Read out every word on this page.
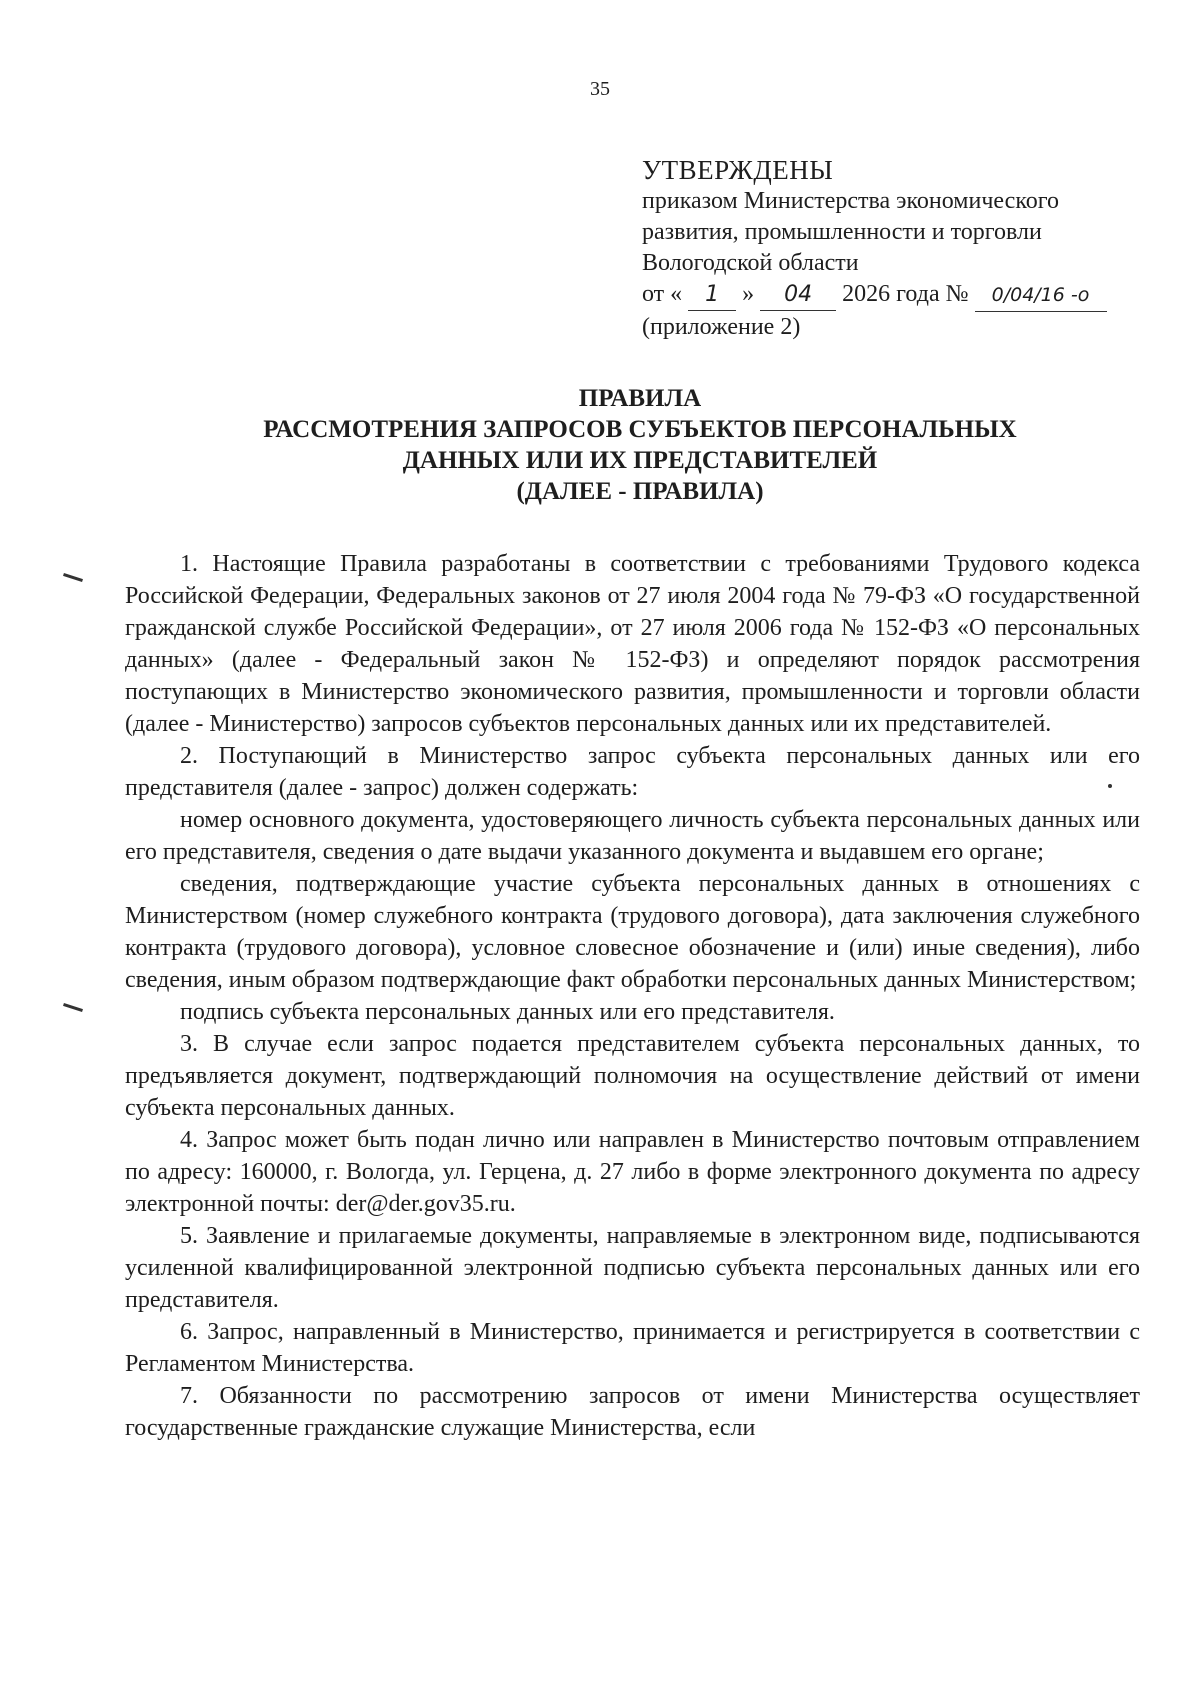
35
УТВЕРЖДЕНЫ
приказом Министерства экономического
развития, промышленности и торговли
Вологодской области
от « 1 » 04 2026 года № 0/04/16 -о
(приложение 2)
ПРАВИЛА
РАССМОТРЕНИЯ ЗАПРОСОВ СУБЪЕКТОВ ПЕРСОНАЛЬНЫХ
ДАННЫХ ИЛИ ИХ ПРЕДСТАВИТЕЛЕЙ
(ДАЛЕЕ - ПРАВИЛА)

1. Настоящие Правила разработаны в соответствии с требованиями Трудового кодекса Российской Федерации, Федеральных законов от 27 июля 2004 года № 79-ФЗ «О государственной гражданской службе Российской Федерации», от 27 июля 2006 года № 152-ФЗ «О персональных данных» (далее - Федеральный закон № 152-ФЗ) и определяют порядок рассмотрения поступающих в Министерство экономического развития, промышленности и торговли области (далее - Министерство) запросов субъектов персональных данных или их представителей.

2. Поступающий в Министерство запрос субъекта персональных данных или его представителя (далее - запрос) должен содержать:

номер основного документа, удостоверяющего личность субъекта персональных данных или его представителя, сведения о дате выдачи указанного документа и выдавшем его органе;

сведения, подтверждающие участие субъекта персональных данных в отношениях с Министерством (номер служебного контракта (трудового договора), дата заключения служебного контракта (трудового договора), условное словесное обозначение и (или) иные сведения), либо сведения, иным образом подтверждающие факт обработки персональных данных Министерством;

подпись субъекта персональных данных или его представителя.

3. В случае если запрос подается представителем субъекта персональных данных, то предъявляется документ, подтверждающий полномочия на осуществление действий от имени субъекта персональных данных.

4. Запрос может быть подан лично или направлен в Министерство почтовым отправлением по адресу: 160000, г. Вологда, ул. Герцена, д. 27 либо в форме электронного документа по адресу электронной почты: der@der.gov35.ru.

5. Заявление и прилагаемые документы, направляемые в электронном виде, подписываются усиленной квалифицированной электронной подписью субъекта персональных данных или его представителя.

6. Запрос, направленный в Министерство, принимается и регистрируется в соответствии с Регламентом Министерства.

7. Обязанности по рассмотрению запросов от имени Министерства осуществляет государственные гражданские служащие Министерства, если
